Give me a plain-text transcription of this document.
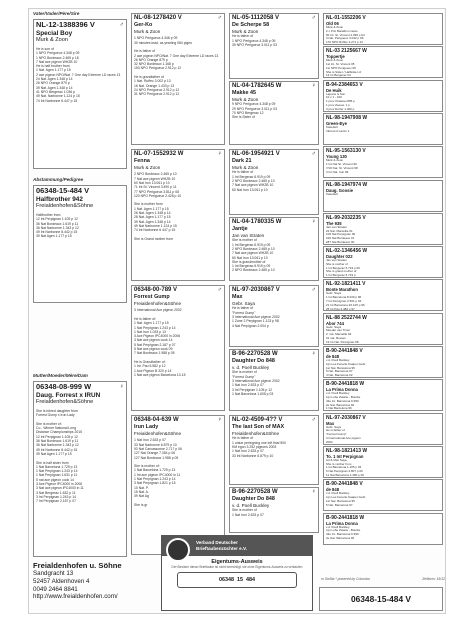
Vater/Vader/Père/Sire
NL-12-1388396 V	♂
Special Boy
Murk & Zoon
He is son of
1 NPO Perigueux 4.348 p 09
1 NPO Bordeaux 2.465 p 18
7 Nat ace pigeon WHZB 10
He is half brother from
1 Nat. Agen 1.177 p 15
2 ace pigeon NPO/Nat. 7 One day Extreme LD races 13
24 Nat. Agen 1.348 p 14
26 NPO Orange 879 p
39 Nat. Agen 1.348 p 14
41 NPO Bergerac 1.036 p
49 Nat. Narbonne 1.124 p 15
74 Int Narbonne 6.447 p 15
Abstammung/Pedigree
06348-15-484 V
Halfbrother 942
Freialdenhofen&Söhne
Halfbrother from
12 Int Perpignan 1.105 p 12
36 Nat Bordeaux 1.619 p 11
36 Nat Narbonne 1.343 p 12
49 Int Narbonne 8.442 p 15
39 Nat Agen 1.177 p 15
Mutter/Moeder/Mère/Dam
06348-08-999 W	♀
Daug. Forrest x IRUN
Freialdenhofen&Söhne
She is inbred daughter from
Forrest Gump x Irun Lady

She is mother of:
Co - Winner National Long
Distance Championships 2015
12 Int Perpignan 1.105 p 12
36 Nat Bordeaux 1.619 p 11
36 Nat Narbonne 1.343 p 12
49 Int Narbonne 8.442 p 15
39 Nat Agen 1.177 p 15

She is half sister from
1 Nat Barcelona 1.729 p 13
1 Nat Perpignan 1.243 p 14
1 Nat Perpignan 1.631 p 11
5 nat ace pigeon cook 14
3 Ace Pigeon IPC4000 in 2006
3 Nat ace pigeon IPC4000 in 11
3 Nat Bergerac 1.632 p 11
3 Int Perpignan 1.243 p 14
7 Int Perpignan 2.187 p 07
Freialdenhofen u. Söhne
Sandgracht 13
52457 Aldenhoven 4
0049 2464 8841
http://www.freialdenhofen.com/
NL-08-1278420 V	♂
Ger-Ko
Murk & Zoon
1 NPO Perigueux 4.348 p 09
30 minutes lead, as yearling 084 pigeo

He is father of
2 ace pigeon NPO/Nat. 7 One day Extreme LD races 13
26 NPO Orange 879 p
32 NPO Bordeaux 1.168 p
153 NPO Perigueux 2.912 p 12

He is grandfather of
1 Nat. Ruffec 3.002 p 13
16 Nat. Orange 1.433 p 13
24 NPO Perigueux 2.912 p 12
31 NPO Perigueux 2.912 p 12
NL-07-1552932 W	♀
Fenna
Murk & Zoon
2 NPO Bordeaux 2.465 p 10
7 Nat ace pigeon WHZB 10
60 Nat Irun 13.061 p 10
71 Int St. Vincent 3.490 p 11
77 NPO Perigueux 3.811 p 08
120 NPO Perigueux 2.428 p 10

She is mother from
1 Nat. Agen 1.177 p 15
26 Nat. Agen 1.348 p 14
28 Nat. Agen 1.177 p 15
39 Nat. Agen 1.348 p 14
49 Nat Narbonne 1.124 p 15
74 Int Narbonne 6.447 p 15

She is Grand mother from
06348-00-789 V	♂
Forrest Gump
Freialdenhofen&Söhne
3 International Ace pigeon 2002

He is father of:
1 Nat. Agen 1.177 p 15
1 Nat Perpignan 1.243 p 14
1 Nat Irun 1.033 p 13
3 Ace Pigeon IPC4000 in 2006
3 Nat ace pigeon cook 14
5 Nat Perpignan 2.187 p 07
5 Nat ace pigeon cook 09
7 Nat Bordeaux 1.988 p 05

He is Grandfather of:
1 Int. Pau 6.582 p 12
1 Ace Pigeon B 320 p 14
1 Nat ace pigeon Barcelona 13-15
06348-04-639 W	♀
Irun Lady
Freialdenhofen&Söhne
1 Nat Irun 2.633 p 07
33 Nat Narbonne 6.879 p 10
93 Nat Carcassonne 2.717 p 06
127 Nat Orange 7.354 p 06
127 Nat Bordeaux 1.988 p 05

She is mother of:
1 Nat Barcelona 1.729 p 13
1 Int ace pigeon IPC4000 in 11
1 Nat Perpignan 1.243 p 14
3 Nat Perpignan 1.821 p 15
10 Nat. P.
15 Nat. A.
39 Nat Ag

She is gr
NL-05-1112058 V	♂
De Scherpe 58
Murk & Zoon
He is father of
1 NPO Perigueux 4.348 p 09
39 NPO Perigueux 3.011 p 03
NL-04-1782645 W	♀
Makke 45
Murk & Zoon
9 NPO Perigueux 4.348 p 09
29 NPO Perigueux 3.011 p 03
70 NPO Bergerac 12
She is Sister of
NL-06-1954921 V	♂
Dark 21
Murk & Zoon
He is father of
1 Int Bergerac 6.919 p 09
2 NPO Bordeaux 2.465 p 10
7 Nat ace pigeon WHZB 10
60 Nat Irun 13.061 p 10
NL-04-1780335 W	♀
Jantje
Jan van Straten
She is mother of
1 Int Bergerac 6.919 p 09
2 NPO Bordeaux 2.465 p 10
7 Nat ace pigeon WHZB 10
60 Nat Irun 13.061 p 10
She is grandmother of
1 Int Bergerac 6.919 p 09
2 NPO Bordeaux 2.465 p 10
NL-97-2030867 V	♂
Max
Gebr. Saya
He is father of
"Forrest Gump"
3 International Ace pigeon 2002
1 Zone 2 Perpignan 1.123 p 98
4 Nat Perpignan 2.004 p
B-96-2270528 W	♀
Daughter Do 848
v. d. Poell Buckley
She is mother of
"Forrest Gump"
3 International Ace pigeon 2002
1 Nat Irun 2.633 p 07
3 Int Perpignan 1.105 p 12
1 Nat Barcelona 1.605 p 03
NL-02-4509-4?? V	♂
The last Son of MAX
Freialdenhofen&Söhne
He is father of
1 untue perlegning one loft final 500
KM egon 3.252 pigeons 2003
1 Nat Irun 2.633 p 07
33 Int Narbonne 6.879 p 10
B-96-2270528 W	♀
Daughter Do 848
v. d. Poell Buckley
She is mother of
1 Nat Irun 2.633 p 07
NL-01-1552206 V
Old 06
Murk & Zoon
2 x Prix Marathon races
60 Int. St. Vincent 2.099 p 04
3 Nat. Perigueux 3.032 p 06
170 NPO Ruffec 2.271 p 13
NL-03 2125667 W
Toppertje
Murk & Zoon
1st Int. St. Vincent 05
1st NPO Perigueux 05
She is Sister / Halfsister of
13 Int Bergerac 04
B-94-2384653 V
De Huik
Laporte & Son
10 x 1 - 100
1 prov Chateau 895 p
1 prov Zeeuw. 1 p
3 prov Dorfer 1.406 p
NL-98-1947908 W
Green-Eye
Kekebelt
Inbred of Lanzo 1
NL-95-1563130 V
Young 130
Murk & Zoon
1 Int Nat St. Vincent 90
7/10 Nat. St. Vincent 98
3 Int Nat. Irun 99
NL-98-1947974 W
Daug. Goosie
Kekebelt
NL-99-2032235 V
The 935
Jan van Straten
22 Nat. Marseille 01
109 Nat Perpignan 00
220 Nat Bordeaux 01
287 Nat Bordeaux 00
NL-02-1346456 W
Daughter 022
Jan van Straten
She is mother of
1 Int Bergerac 6.719 p 06
She is grand mother of
1 Int Bergerac 6.719 p
NL-92-1821411 V
Bonte Marathon
Gebr. Saya
1 Int Barcelona 8.239 p 96
7 Int Perpignan 2.561 p 94
21 Int Barcelona 26.125 p 96
25 Int Pau 4.480 p 97
NL-88 2522744 W
Abor 744
Gebr. Saya
Moeder van Timor
2. nat. Marseille 92
31 nat. Roeset
19 Int Nat. Perpignan 98
B-90-2441848 V
de 848
v.d. Poell Buckley
Lijn Les Fenerle Kaaper Gebr.
1st Nat. Barcelona 95
5 Nat. Barcelona 97
4 Nat. Barcelona 02
B-90-2441818 W
La Prima Donna
v.d. Poell Buckley
Lijn Lobe Zwarte - Bourke
43e Int. Barcelona 6.950
2e Nat. Barcelona 92
1 Nat Barcelona 96
NL-97-2030867 V
Max
Gebr. Saya
He is father of
"Forrest Gump"
3 International Ace pigeon
2002
NL-98-1821413 W
To. 1 Int Perpignan
Ad & Max Saya
She is mother from
1 Int Barcelona 1.105 p 03
6 Nat Perpignan 2.807 p 00
11 Nat Barcelona 4.480 p 00
B-90-2441848 V
de 848
v.d. Poell Buckley
Lijn Les Fenerle Kaaper Gebr.
1st Nat. Barcelona 95
5 Nat. Barcelona 97
B-90-2441818 W
La Prima Donna
v.d. Poell Buckley
Lijn Lobe Zwarte - Bourke
43e Int. Barcelona 6.950
2e Nat. Barcelona 92
Verband Deutscher
Brieftaubenzüchter e.V.
Eigentums-Ausweis
Der Besitzer dieser Brieftaube ist nicht berechtigt, sie ohne Eigentums-Ausweis zu verkaufen
06348 15 484	m Sicillia * powered by Columba	Zeitform: 18/12
06348-15-484 V
